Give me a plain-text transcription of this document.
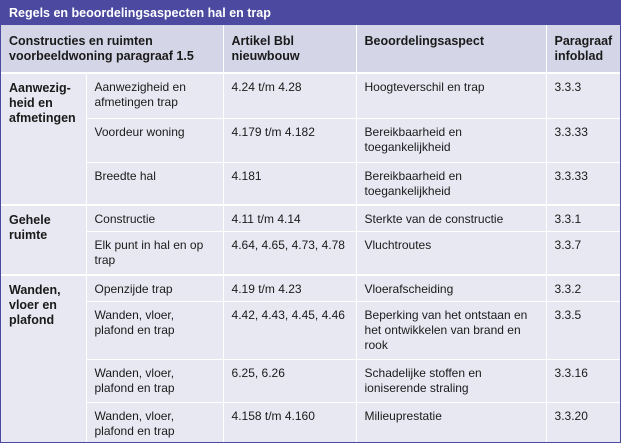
Regels en beoordelingsaspecten hal en trap
Constructies en ruimten voorbeeldwoning paragraaf 1.5		Artikel Bbl nieuwbouw	Beoordelingsaspect	Paragraaf infoblad
Aanwezig-heid en afmetingen	Aanwezigheid en afmetingen trap	4.24 t/m 4.28	Hoogteverschil en trap	3.3.3
	Voordeur woning	4.179 t/m 4.182	Bereikbaarheid en toegankelijkheid	3.3.33
	Breedte hal	4.181	Bereikbaarheid en toegankelijkheid	3.3.33
Gehele ruimte	Constructie	4.11 t/m 4.14	Sterkte van de constructie	3.3.1
	Elk punt in hal en op trap	4.64, 4.65, 4.73, 4.78	Vluchtroutes	3.3.7
Wanden, vloer en plafond	Openzijde trap	4.19 t/m 4.23	Vloerafscheiding	3.3.2
	Wanden, vloer, plafond en trap	4.42, 4.43, 4.45, 4.46	Beperking van het ontstaan en het ontwikkelen van brand en rook	3.3.5
	Wanden, vloer, plafond en trap	6.25, 6.26	Schadelijke stoffen en ioniserende straling	3.3.16
	Wanden, vloer, plafond en trap	4.158 t/m 4.160	Milieuprestatie	3.3.20
